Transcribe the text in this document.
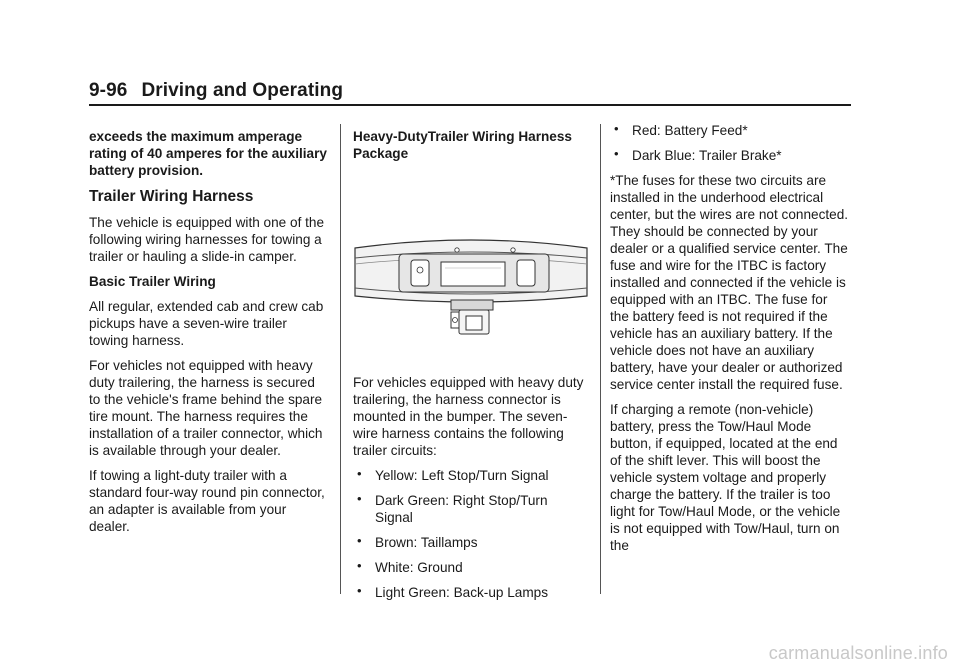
9-96 Driving and Operating

exceeds the maximum amperage rating of 40 amperes for the auxiliary battery provision.

Trailer Wiring Harness

The vehicle is equipped with one of the following wiring harnesses for towing a trailer or hauling a slide-in camper.

Basic Trailer Wiring

All regular, extended cab and crew cab pickups have a seven-wire trailer towing harness.

For vehicles not equipped with heavy duty trailering, the harness is secured to the vehicle's frame behind the spare tire mount. The harness requires the installation of a trailer connector, which is available through your dealer.

If towing a light-duty trailer with a standard four-way round pin connector, an adapter is available from your dealer.

Heavy-DutyTrailer Wiring Harness Package

For vehicles equipped with heavy duty trailering, the harness connector is mounted in the bumper. The seven-wire harness contains the following trailer circuits:

• Yellow: Left Stop/Turn Signal
• Dark Green: Right Stop/Turn Signal
• Brown: Taillamps
• White: Ground
• Light Green: Back-up Lamps
• Red: Battery Feed*
• Dark Blue: Trailer Brake*

*The fuses for these two circuits are installed in the underhood electrical center, but the wires are not connected. They should be connected by your dealer or a qualified service center. The fuse and wire for the ITBC is factory installed and connected if the vehicle is equipped with an ITBC. The fuse for the battery feed is not required if the vehicle has an auxiliary battery. If the vehicle does not have an auxiliary battery, have your dealer or authorized service center install the required fuse.

If charging a remote (non-vehicle) battery, press the Tow/Haul Mode button, if equipped, located at the end of the shift lever. This will boost the vehicle system voltage and properly charge the battery. If the trailer is too light for Tow/Haul Mode, or the vehicle is not equipped with Tow/Haul, turn on the

carmanualsonline.info
